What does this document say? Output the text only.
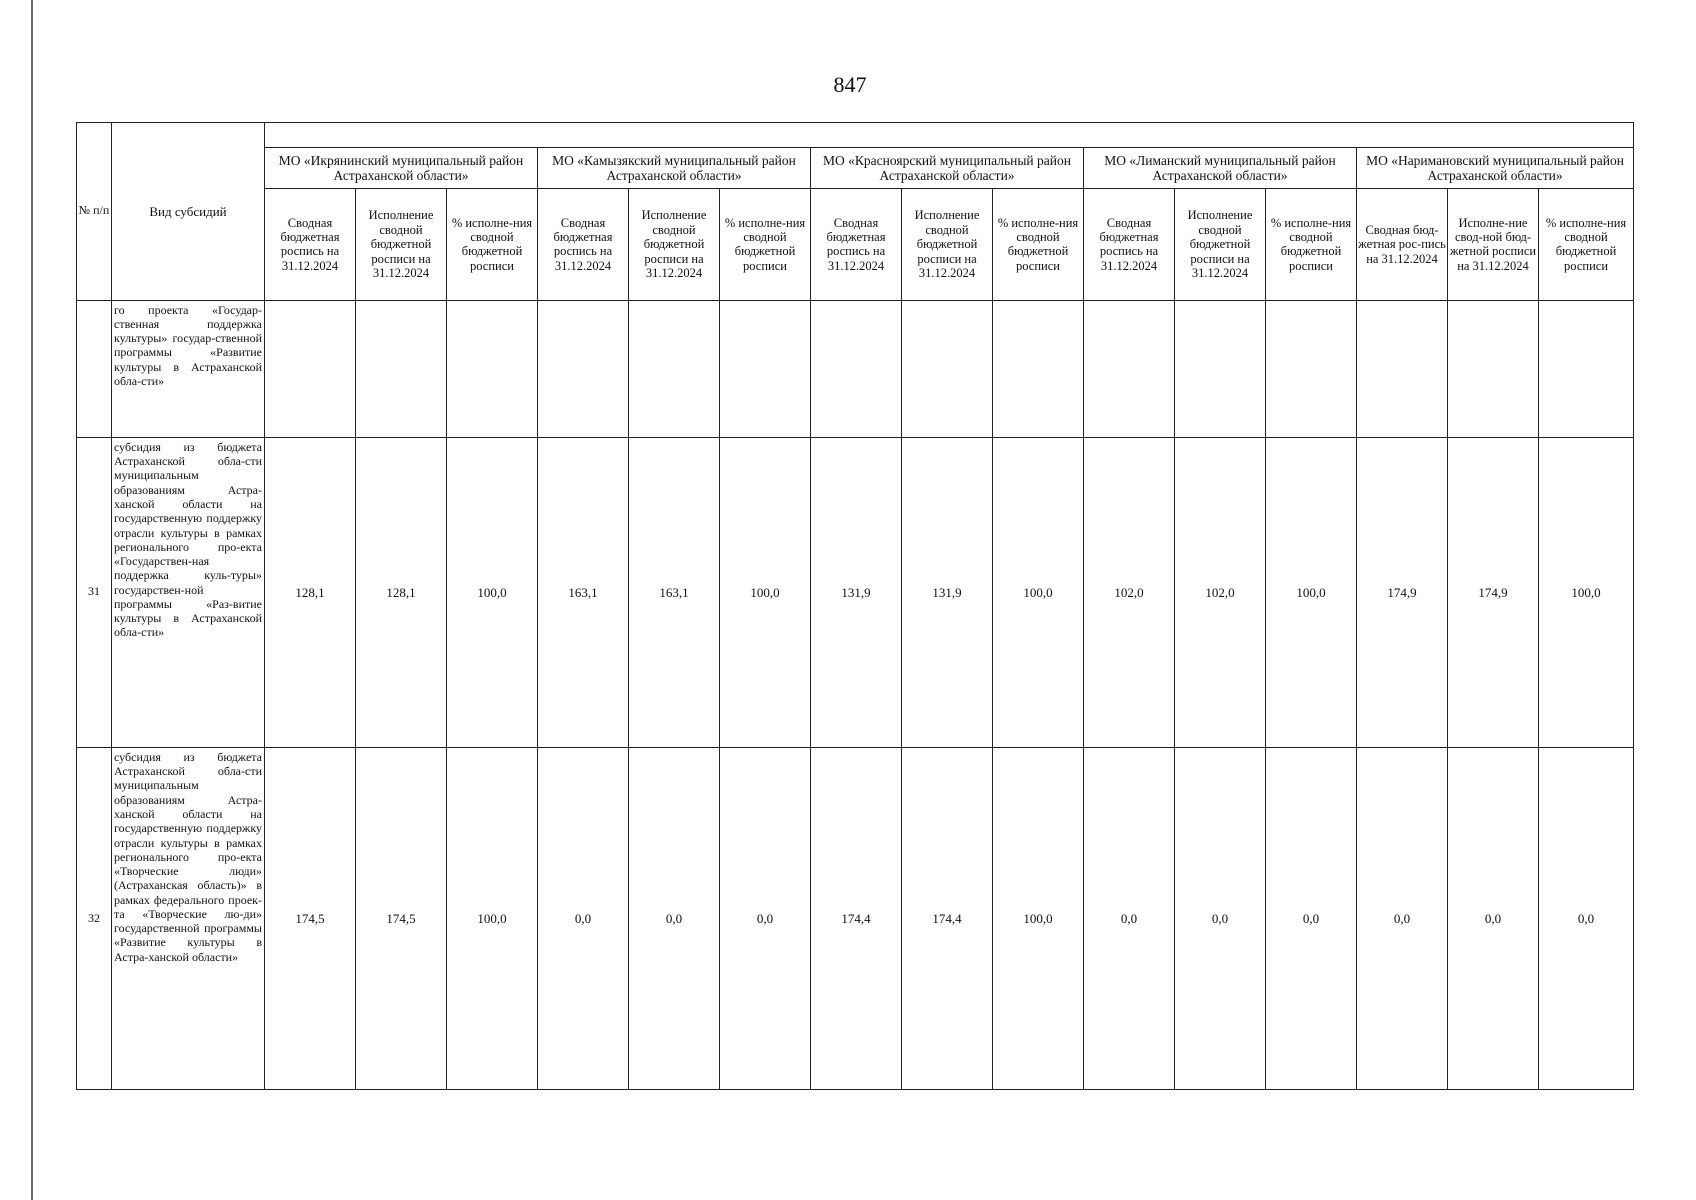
847
№ п/п	Вид субсидий															
		МО «Икрянинский муниципальный район Астраханской области»			МО «Камызякский муниципальный район Астраханской области»			МО «Красноярский муниципальный район Астраханской области»			МО «Лиманский муниципальный район Астраханской области»			МО «Наримановский муниципальный район Астраханской области»		
		Сводная бюджетная роспись на 31.12.2024	Исполнение сводной бюджетной росписи на 31.12.2024	% исполне-ния сводной бюджетной росписи	Сводная бюджетная роспись на 31.12.2024	Исполнение сводной бюджетной росписи на 31.12.2024	% исполне-ния сводной бюджетной росписи	Сводная бюджетная роспись на 31.12.2024	Исполнение сводной бюджетной росписи на 31.12.2024	% исполне-ния сводной бюджетной росписи	Сводная бюджетная роспись на 31.12.2024	Исполнение сводной бюджетной росписи на 31.12.2024	% исполне-ния сводной бюджетной росписи	Сводная бюд-жетная рос-пись на 31.12.2024	Исполне-ние свод-ной бюд-жетной росписи на 31.12.2024	% исполне-ния сводной бюджетной росписи
	го проекта «Государ-ственная поддержка культуры» государ-ственной программы «Развитие культуры в Астраханской обла-сти»															
31	субсидия из бюджета Астраханской обла-сти муниципальным образованиям Астра-ханской области на государственную поддержку отрасли культуры в рамках регионального про-екта «Государствен-ная поддержка куль-туры» государствен-ной программы «Раз-витие культуры в Астраханской обла-сти»	128,1	128,1	100,0	163,1	163,1	100,0	131,9	131,9	100,0	102,0	102,0	100,0	174,9	174,9	100,0
32	субсидия из бюджета Астраханской обла-сти муниципальным образованиям Астра-ханской области на государственную поддержку отрасли культуры в рамках регионального про-екта «Творческие люди» (Астраханская область)» в рамках федерального проек-та «Творческие лю-ди» государственной программы «Развитие культуры в Астра-ханской области»	174,5	174,5	100,0	0,0	0,0	0,0	174,4	174,4	100,0	0,0	0,0	0,0	0,0	0,0	0,0
